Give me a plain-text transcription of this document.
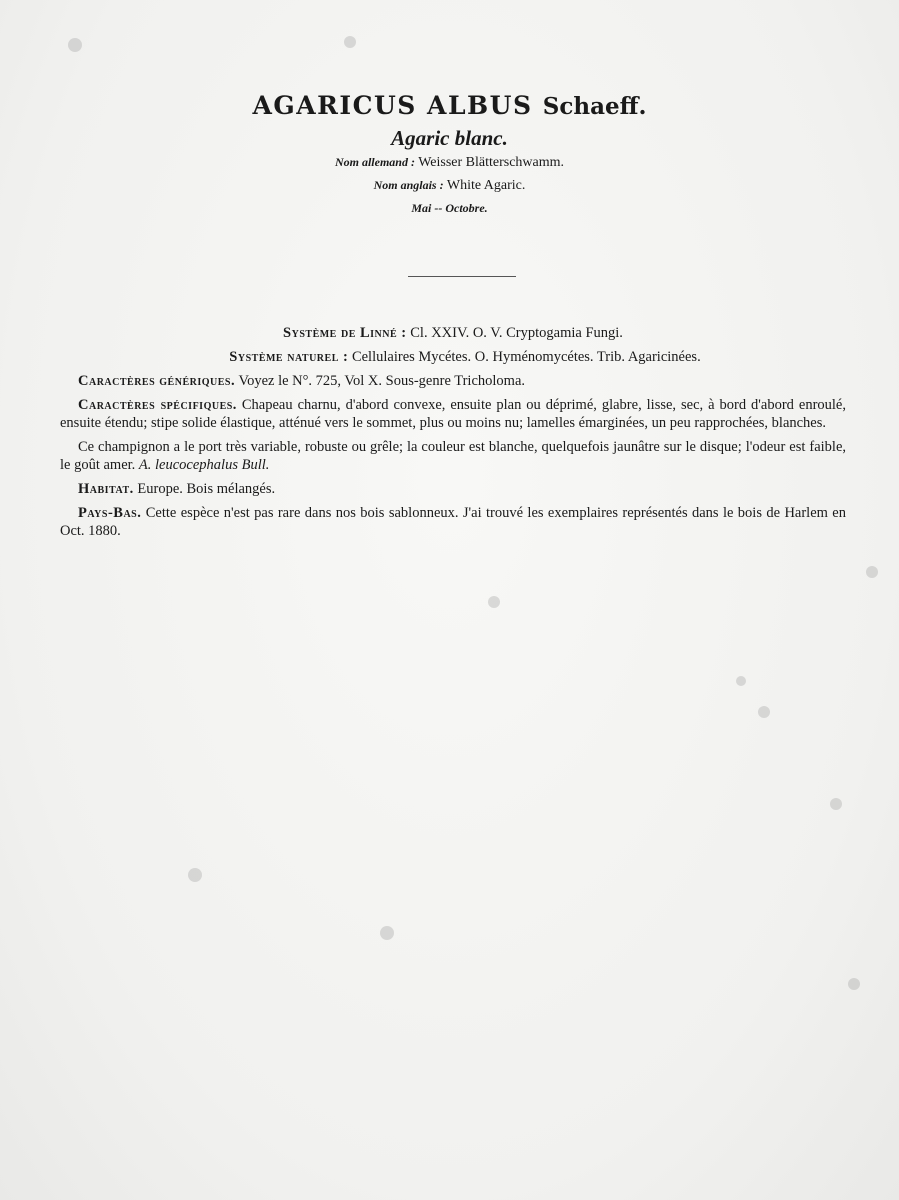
AGARICUS ALBUS Schaeff.

Agaric blanc.

Nom allemand : Weisser Blätterschwamm.

Nom anglais : White Agaric.

Mai -- Octobre.

Système de Linné : Cl. XXIV. O. V. Cryptogamia Fungi.

Système naturel : Cellulaires Mycétes. O. Hyménomycétes. Trib. Agaricinées.

Caractères génériques. Voyez le N°. 725, Vol X. Sous-genre Tricholoma.

Caractères spécifiques. Chapeau charnu, d'abord convexe, ensuite plan ou déprimé, glabre, lisse, sec, à bord d'abord enroulé, ensuite étendu; stipe solide élastique, atténué vers le sommet, plus ou moins nu; lamelles émarginées, un peu rapprochées, blanches.

Ce champignon a le port très variable, robuste ou grêle; la couleur est blanche, quelquefois jaunâtre sur le disque; l'odeur est faible, le goût amer. A. leucocephalus Bull.

Habitat. Europe. Bois mélangés.

Pays-Bas. Cette espèce n'est pas rare dans nos bois sablonneux. J'ai trouvé les exemplaires représentés dans le bois de Harlem en Oct. 1880.
